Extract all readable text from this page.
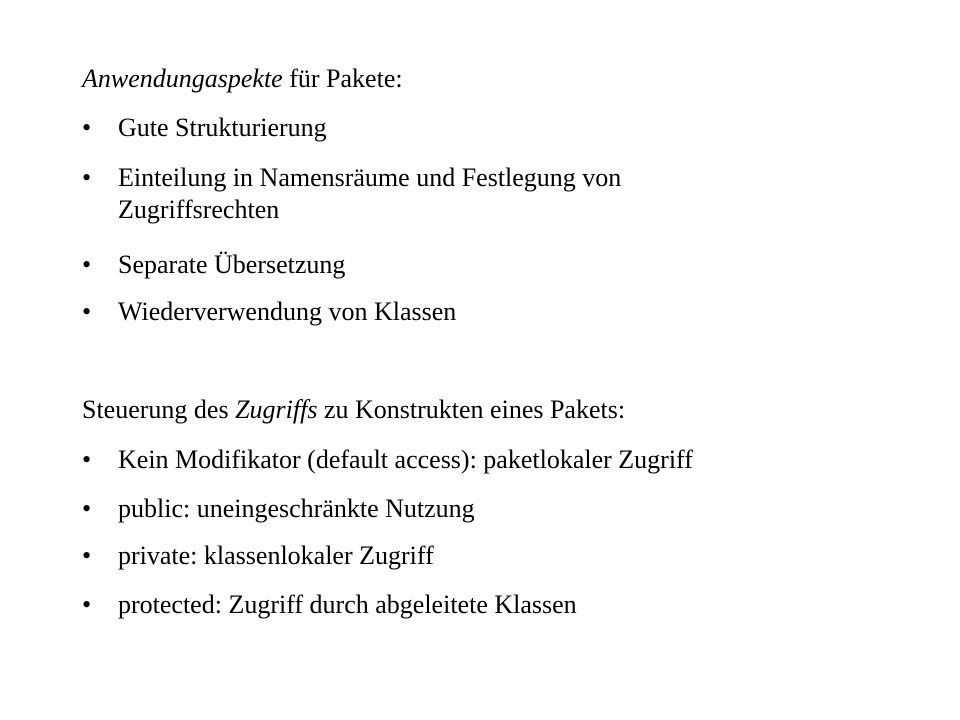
Anwendungaspekte für Pakete:
• Gute Strukturierung
• Einteilung in Namensräume und Festlegung von
Zugriffsrechten
• Separate Übersetzung
• Wiederverwendung von Klassen
Steuerung des Zugriffs zu Konstrukten eines Pakets:
• Kein Modifikator (default access): paketlokaler Zugriff
• public: uneingeschränkte Nutzung
• private: klassenlokaler Zugriff
• protected: Zugriff durch abgeleitete Klassen
